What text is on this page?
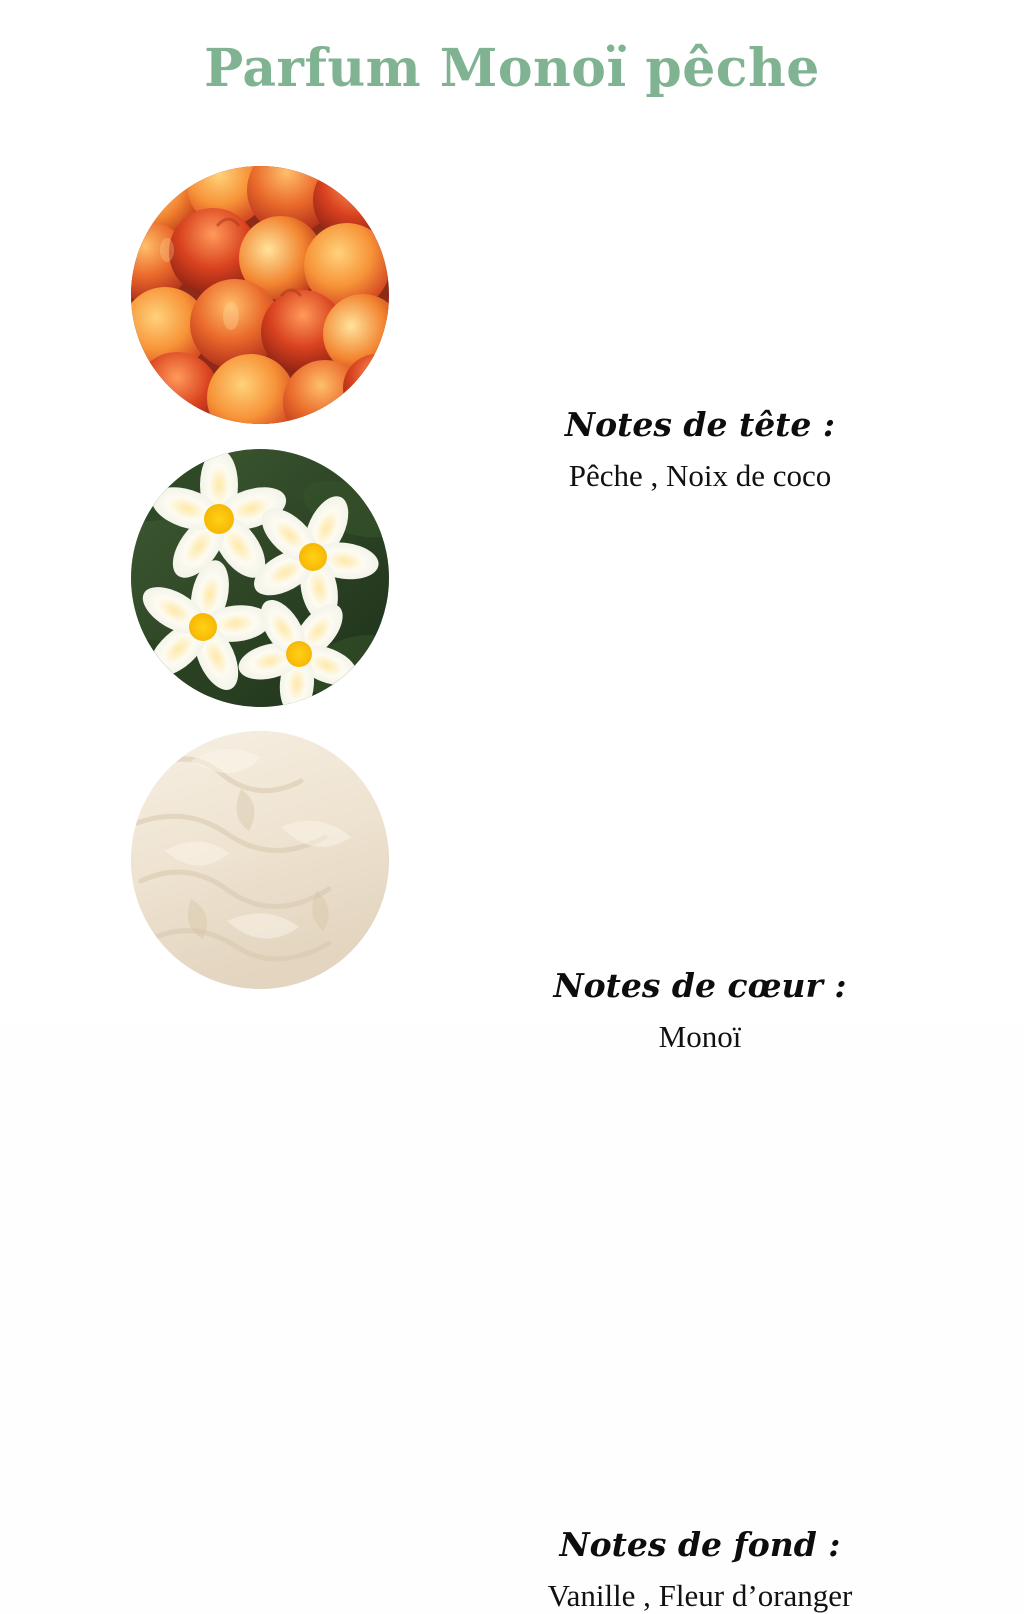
Parfum Monoï pêche
Notes de tête :
Pêche , Noix de coco
Notes de cœur :
Monoï
Notes de fond :
Vanille , Fleur d’oranger
